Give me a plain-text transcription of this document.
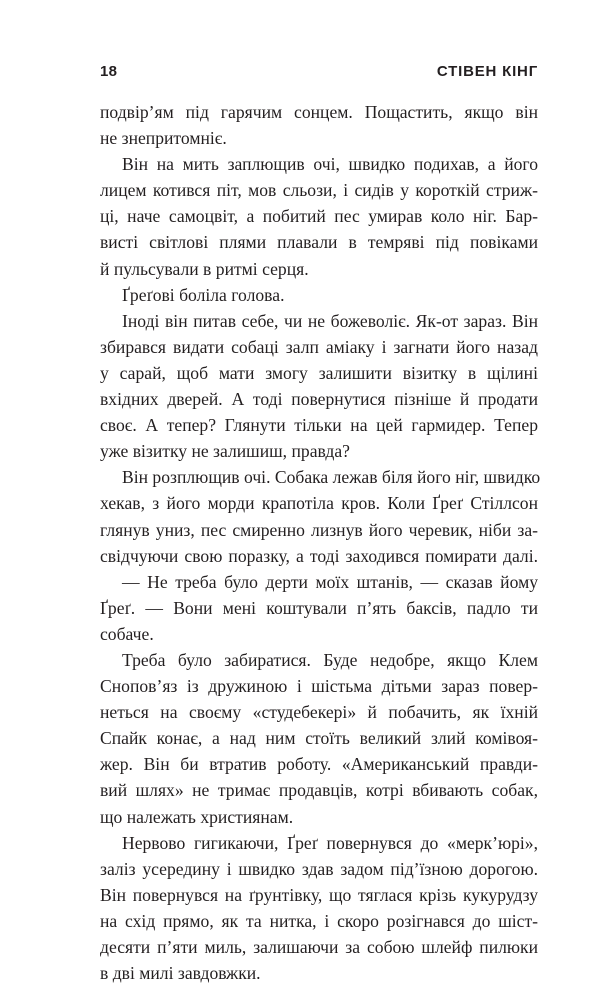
18	СТІВЕН КІНГ
подвір’ям під гарячим сонцем. Пощастить, якщо він
не знепритомніє.
Він на мить заплющив очі, швидко подихав, а його
лицем котився піт, мов сльози, і сидів у короткій стриж-
ці, наче самоцвіт, а побитий пес умирав коло ніг. Бар-
висті світлові плями плавали в темряві під повіками
й пульсували в ритмі серця.
Ґреґові боліла голова.
Іноді він питав себе, чи не божеволіє. Як-от зараз. Він
збирався видати собаці залп аміаку і загнати його назад
у сарай, щоб мати змогу залишити візитку в щілині
вхідних дверей. А тоді повернутися пізніше й продати
своє. А тепер? Глянути тільки на цей гармидер. Тепер
уже візитку не залишиш, правда?
Він розплющив очі. Собака лежав біля його ніг, швидко
хекав, з його морди крапотіла кров. Коли Ґреґ Стіллсон
глянув униз, пес смиренно лизнув його черевик, ніби за-
свідчуючи свою поразку, а тоді заходився помирати далі.
— Не треба було дерти моїх штанів, — сказав йому
Ґреґ. — Вони мені коштували п’ять баксів, падло ти
собаче.
Треба було забиратися. Буде недобре, якщо Клем
Снопов’яз із дружиною і шістьма дітьми зараз повер-
неться на своєму «студебекері» й побачить, як їхній
Спайк конає, а над ним стоїть великий злий комівоя-
жер. Він би втратив роботу. «Американський правди-
вий шлях» не тримає продавців, котрі вбивають собак,
що належать християнам.
Нервово гигикаючи, Ґреґ повернувся до «мерк’юрі»,
заліз усередину і швидко здав задом під’їзною дорогою.
Він повернувся на ґрунтівку, що тяглася крізь кукурудзу
на схід прямо, як та нитка, і скоро розігнався до шіст-
десяти п’яти миль, залишаючи за собою шлейф пилюки
в дві милі завдовжки.
